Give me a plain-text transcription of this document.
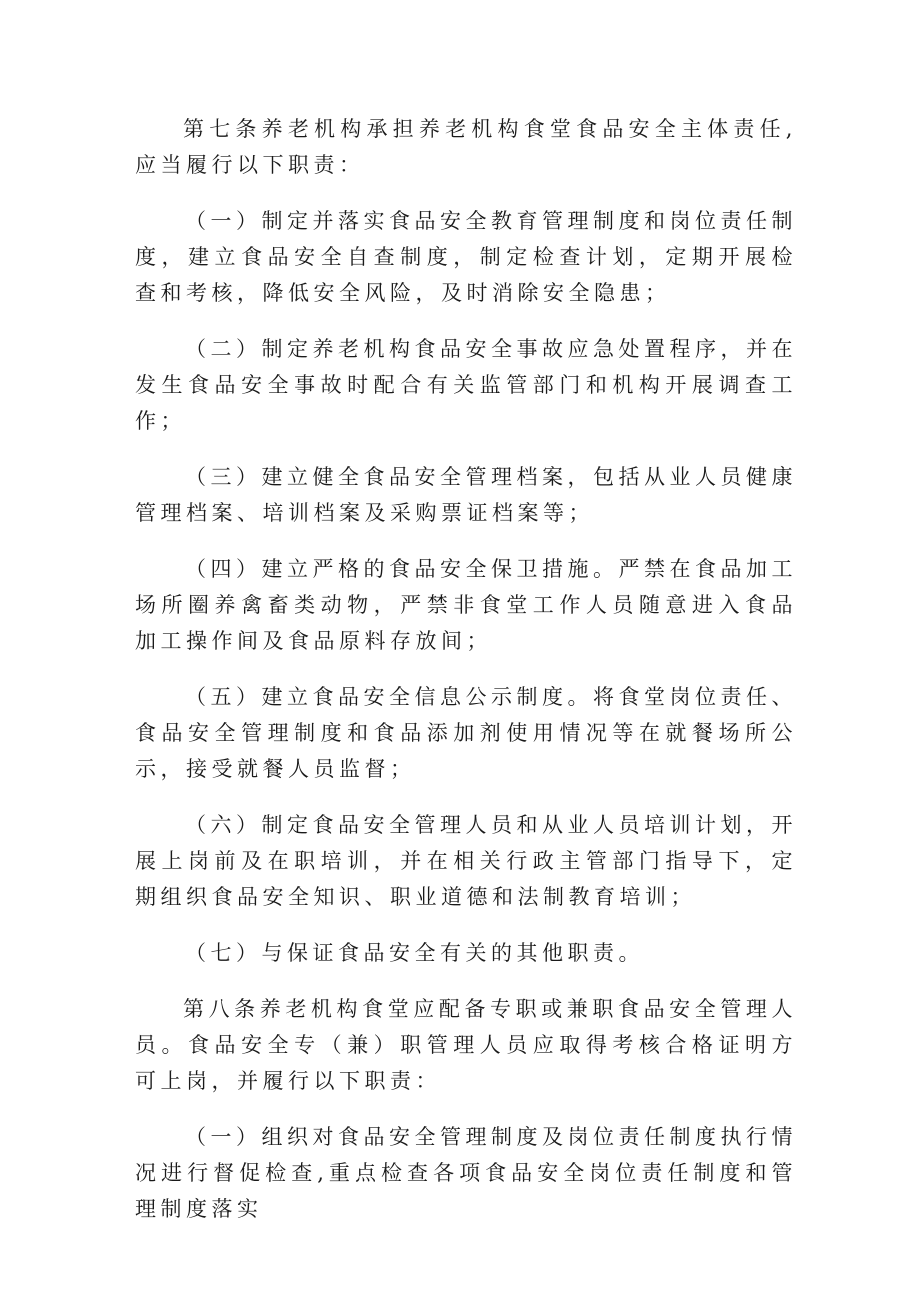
第七条养老机构承担养老机构食堂食品安全主体责任,应当履行以下职责：

（一）制定并落实食品安全教育管理制度和岗位责任制度，建立食品安全自查制度，制定检查计划，定期开展检查和考核，降低安全风险，及时消除安全隐患；

（二）制定养老机构食品安全事故应急处置程序，并在发生食品安全事故时配合有关监管部门和机构开展调查工作；

（三）建立健全食品安全管理档案，包括从业人员健康管理档案、培训档案及采购票证档案等；

（四）建立严格的食品安全保卫措施。严禁在食品加工场所圈养禽畜类动物，严禁非食堂工作人员随意进入食品加工操作间及食品原料存放间；

（五）建立食品安全信息公示制度。将食堂岗位责任、食品安全管理制度和食品添加剂使用情况等在就餐场所公示，接受就餐人员监督；

（六）制定食品安全管理人员和从业人员培训计划，开展上岗前及在职培训，并在相关行政主管部门指导下，定期组织食品安全知识、职业道德和法制教育培训；

（七）与保证食品安全有关的其他职责。

第八条养老机构食堂应配备专职或兼职食品安全管理人员。食品安全专（兼）职管理人员应取得考核合格证明方可上岗，并履行以下职责：

（一）组织对食品安全管理制度及岗位责任制度执行情况进行督促检查,重点检查各项食品安全岗位责任制度和管理制度落实
